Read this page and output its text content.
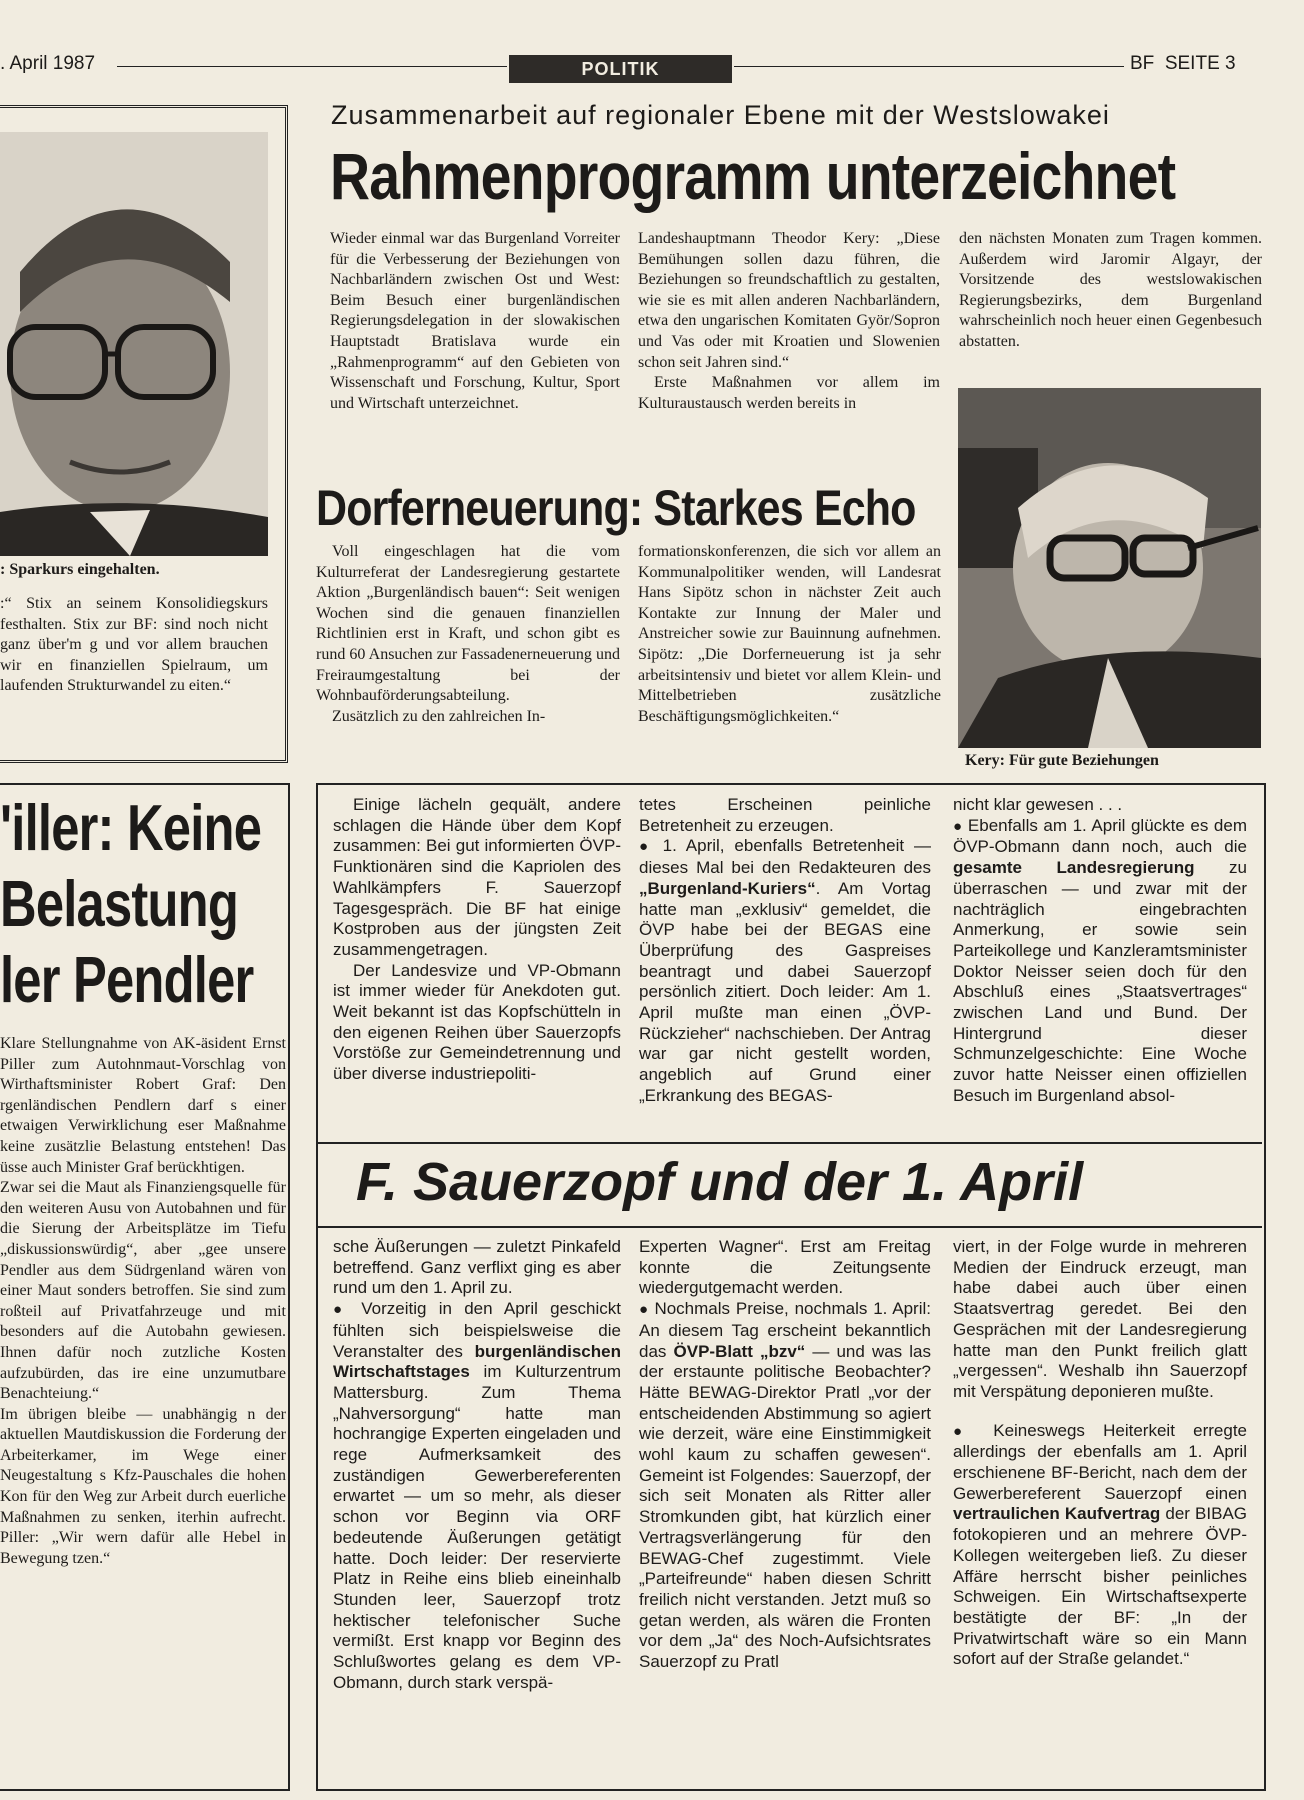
. April 1987	POLITIK	BF  SEITE 3
Zusammenarbeit auf regionaler Ebene mit der Westslowakei
Rahmenprogramm unterzeichnet

Wieder einmal war das Burgenland Vorreiter für die Verbesserung der Beziehungen von Nachbarländern zwischen Ost und West: Beim Besuch einer burgenländischen Regierungsdelegation in der slowakischen Hauptstadt Bratislava wurde ein „Rahmenprogramm“ auf den Gebieten von Wissenschaft und Forschung, Kultur, Sport und Wirtschaft unterzeichnet.

Landeshauptmann Theodor Kery: „Diese Bemühungen sollen dazu führen, die Beziehungen so freundschaftlich zu gestalten, wie sie es mit allen anderen Nachbarländern, etwa den ungarischen Komitaten Györ/Sopron und Vas oder mit Kroatien und Slowenien schon seit Jahren sind.“

Erste Maßnahmen vor allem im Kulturaustausch werden bereits in

den nächsten Monaten zum Tragen kommen. Außerdem wird Jaromir Algayr, der Vorsitzende des westslowakischen Regierungsbezirks, dem Burgenland wahrscheinlich noch heuer einen Gegenbesuch abstatten.

Kery: Für gute Beziehungen
: Sparkurs eingehalten.

:“ Stix an seinem Konsolidiegskurs festhalten. Stix zur BF: sind noch nicht ganz über'm g und vor allem brauchen wir en finanziellen Spielraum, um laufenden Strukturwandel zu eiten.“

Dorferneuerung: Starkes Echo

Voll eingeschlagen hat die vom Kulturreferat der Landesregierung gestartete Aktion „Burgenländisch bauen“: Seit wenigen Wochen sind die genauen finanziellen Richtlinien erst in Kraft, und schon gibt es rund 60 Ansuchen zur Fassadenerneuerung und Freiraumgestaltung bei der Wohnbauförderungsabteilung.

Zusätzlich zu den zahlreichen In-

formationskonferenzen, die sich vor allem an Kommunalpolitiker wenden, will Landesrat Hans Sipötz schon in nächster Zeit auch Kontakte zur Innung der Maler und Anstreicher sowie zur Bauinnung aufnehmen. Sipötz: „Die Dorferneuerung ist ja sehr arbeitsintensiv und bietet vor allem Klein- und Mittelbetrieben zusätzliche Beschäftigungsmöglichkeiten.“

'iller: Keine
Belastung
ler Pendler

Klare Stellungnahme von AK-äsident Ernst Piller zum Autohnmaut-Vorschlag von Wirthaftsminister Robert Graf: Den rgenländischen Pendlern darf s einer etwaigen Verwirklichung eser Maßnahme keine zusätzlie Belastung entstehen! Das üsse auch Minister Graf berückhtigen.

Zwar sei die Maut als Finanziengsquelle für den weiteren Ausu von Autobahnen und für die Sierung der Arbeitsplätze im Tiefu „diskussionswürdig“, aber „gee unsere Pendler aus dem Südrgenland wären von einer Maut sonders betroffen. Sie sind zum roßteil auf Privatfahrzeuge und mit besonders auf die Autobahn gewiesen. Ihnen dafür noch zutzliche Kosten aufzubürden, das ire eine unzumutbare Benachteiung.“

Im übrigen bleibe — unabhängig n der aktuellen Mautdiskussion die Forderung der Arbeiterkamer, im Wege einer Neugestaltung s Kfz-Pauschales die hohen Kon für den Weg zur Arbeit durch euerliche Maßnahmen zu senken, iterhin aufrecht. Piller: „Wir wern dafür alle Hebel in Bewegung tzen.“

Einige lächeln gequält, andere schlagen die Hände über dem Kopf zusammen: Bei gut informierten ÖVP-Funktionären sind die Kapriolen des Wahlkämpfers F. Sauerzopf Tagesgespräch. Die BF hat einige Kostproben aus der jüngsten Zeit zusammengetragen.

Der Landesvize und VP-Obmann ist immer wieder für Anekdoten gut. Weit bekannt ist das Kopfschütteln in den eigenen Reihen über Sauerzopfs Vorstöße zur Gemeindetrennung und über diverse industriepoliti-

tetes Erscheinen peinliche Betretenheit zu erzeugen.

● 1. April, ebenfalls Betretenheit — dieses Mal bei den Redakteuren des „Burgenland-Kuriers“. Am Vortag hatte man „exklusiv“ gemeldet, die ÖVP habe bei der BEGAS eine Überprüfung des Gaspreises beantragt und dabei Sauerzopf persönlich zitiert. Doch leider: Am 1. April mußte man einen „ÖVP-Rückzieher“ nachschieben. Der Antrag war gar nicht gestellt worden, angeblich auf Grund einer „Erkrankung des BEGAS-

nicht klar gewesen . . .

● Ebenfalls am 1. April glückte es dem ÖVP-Obmann dann noch, auch die gesamte Landesregierung zu überraschen — und zwar mit der nachträglich eingebrachten Anmerkung, er sowie sein Parteikollege und Kanzleramtsminister Doktor Neisser seien doch für den Abschluß eines „Staatsvertrages“ zwischen Land und Bund. Der Hintergrund dieser Schmunzelgeschichte: Eine Woche zuvor hatte Neisser einen offiziellen Besuch im Burgenland absol-

F. Sauerzopf und der 1. April

sche Äußerungen — zuletzt Pinkafeld betreffend. Ganz verflixt ging es aber rund um den 1. April zu.

● Vorzeitig in den April geschickt fühlten sich beispielsweise die Veranstalter des burgenländischen Wirtschaftstages im Kulturzentrum Mattersburg. Zum Thema „Nahversorgung“ hatte man hochrangige Experten eingeladen und rege Aufmerksamkeit des zuständigen Gewerbereferenten erwartet — um so mehr, als dieser schon vor Beginn via ORF bedeutende Äußerungen getätigt hatte. Doch leider: Der reservierte Platz in Reihe eins blieb eineinhalb Stunden leer, Sauerzopf trotz hektischer telefonischer Suche vermißt. Erst knapp vor Beginn des Schlußwortes gelang es dem VP-Obmann, durch stark verspä-

Experten Wagner“. Erst am Freitag konnte die Zeitungsente wiedergutgemacht werden.

● Nochmals Preise, nochmals 1. April: An diesem Tag erscheint bekanntlich das ÖVP-Blatt „bzv“ — und was las der erstaunte politische Beobachter? Hätte BEWAG-Direktor Pratl „vor der entscheidenden Abstimmung so agiert wie derzeit, wäre eine Einstimmigkeit wohl kaum zu schaffen gewesen“. Gemeint ist Folgendes: Sauerzopf, der sich seit Monaten als Ritter aller Stromkunden gibt, hat kürzlich einer Vertragsverlängerung für den BEWAG-Chef zugestimmt. Viele „Parteifreunde“ haben diesen Schritt freilich nicht verstanden. Jetzt muß so getan werden, als wären die Fronten vor dem „Ja“ des Noch-Aufsichtsrates Sauerzopf zu Pratl

viert, in der Folge wurde in mehreren Medien der Eindruck erzeugt, man habe dabei auch über einen Staatsvertrag geredet. Bei den Gesprächen mit der Landesregierung hatte man den Punkt freilich glatt „vergessen“. Weshalb ihn Sauerzopf mit Verspätung deponieren mußte.

● Keineswegs Heiterkeit erregte allerdings der ebenfalls am 1. April erschienene BF-Bericht, nach dem der Gewerbereferent Sauerzopf einen vertraulichen Kaufvertrag der BIBAG fotokopieren und an mehrere ÖVP-Kollegen weitergeben ließ. Zu dieser Affäre herrscht bisher peinliches Schweigen. Ein Wirtschaftsexperte bestätigte der BF: „In der Privatwirtschaft wäre so ein Mann sofort auf der Straße gelandet.“
